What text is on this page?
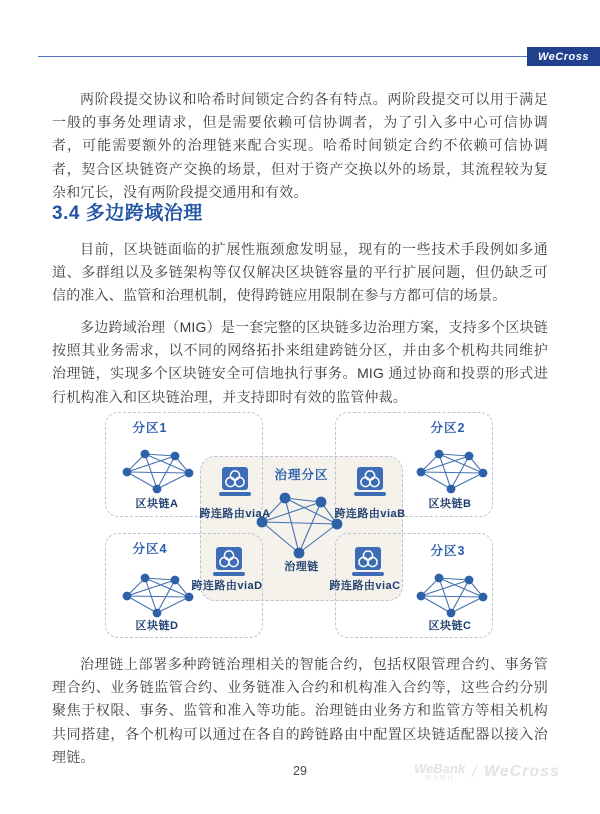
WeCross

两阶段提交协议和哈希时间锁定合约各有特点。两阶段提交可以用于满足一般的事务处理请求，但是需要依赖可信协调者，为了引入多中心可信协调者，可能需要额外的治理链来配合实现。哈希时间锁定合约不依赖可信协调者，契合区块链资产交换的场景，但对于资产交换以外的场景，其流程较为复杂和冗长，没有两阶段提交通用和有效。

3.4 多边跨域治理

目前，区块链面临的扩展性瓶颈愈发明显，现有的一些技术手段例如多通道、多群组以及多链架构等仅仅解决区块链容量的平行扩展问题，但仍缺乏可信的准入、监管和治理机制，使得跨链应用限制在参与方都可信的场景。

多边跨域治理（MIG）是一套完整的区块链多边治理方案，支持多个区块链按照其业务需求，以不同的网络拓扑来组建跨链分区，并由多个机构共同维护治理链，实现多个区块链安全可信地执行事务。MIG 通过协商和投票的形式进行机构准入和区块链治理，并支持即时有效的监管仲裁。

分区1	分区2
分区4	分区3
治理分区
区块链A	区块链B
区块链D	区块链C
治理链
跨连路由viaA	跨连路由viaB
跨连路由viaD	跨连路由viaC

治理链上部署多种跨链治理相关的智能合约，包括权限管理合约、事务管理合约、业务链监管合约、业务链准入合约和机构准入合约等，这些合约分别聚焦于权限、事务、监管和准入等功能。治理链由业务方和监管方等相关机构共同搭建，各个机构可以通过在各自的跨链路由中配置区块链适配器以接入治理链。

29	WeBank
微众银行 / WeCross
